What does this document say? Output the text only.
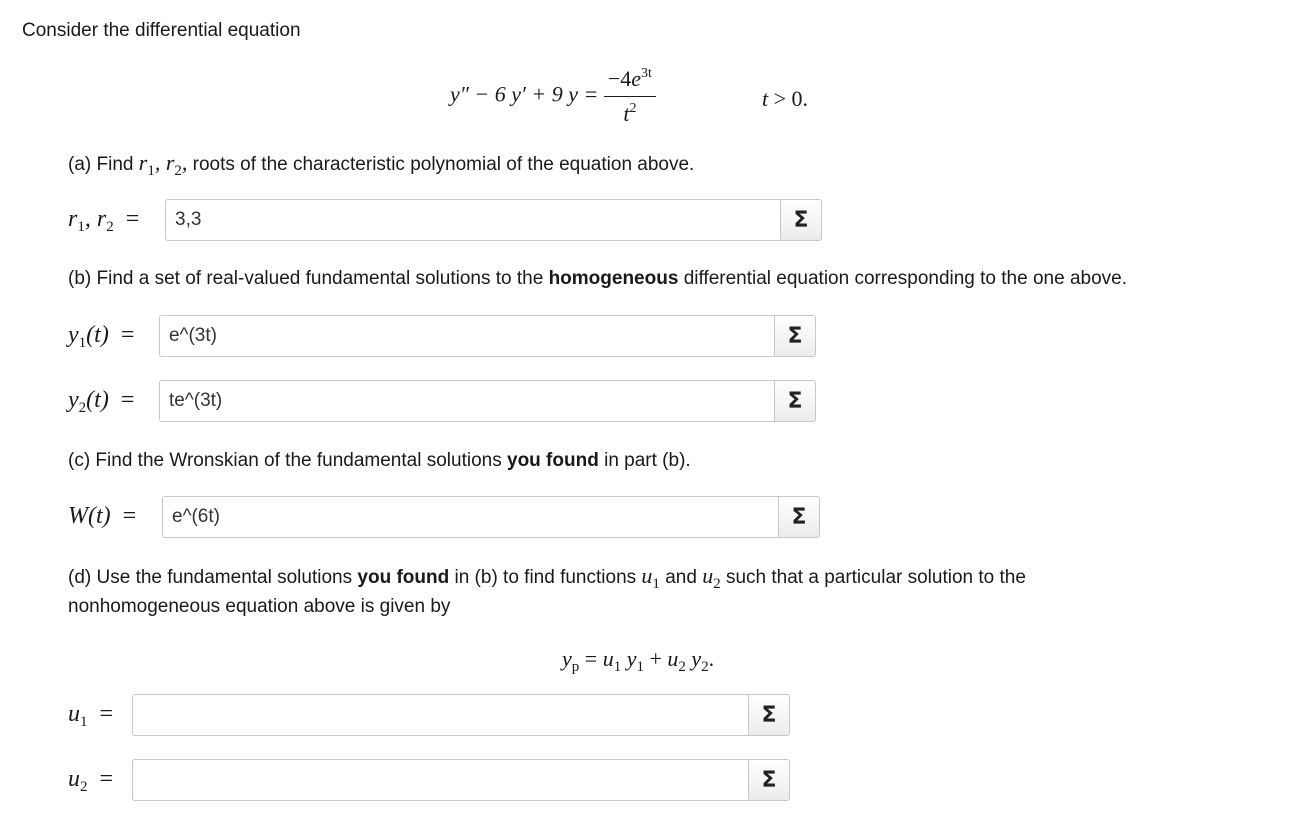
Consider the differential equation
y″ − 6 y′ + 9 $y = \frac{-4e^{3t}}{t^2}$	t > 0.
(a) Find $r_1$, $r_2$, roots of the characteristic polynomial of the equation above.
$r_1$, $r_2$ =
3,3	Σ
(b) Find a set of real-valued fundamental solutions to the homogeneous differential equation corresponding to the one above.
$y_1(t)$ =
e^(3t)	Σ
$y_2(t)$ =
te^(3t)	Σ
(c) Find the Wronskian of the fundamental solutions you found in part (b).
W(t) =
e^(6t)	Σ
(d) Use the fundamental solutions you found in (b) to find functions $u_1$ and $u_2$ such that a particular solution to the
nonhomogeneous equation above is given by
$y_p = u_1$ $y_1 + u_2$ $y_2$.
$u_1$ =	Σ
$u_2$ =	Σ
